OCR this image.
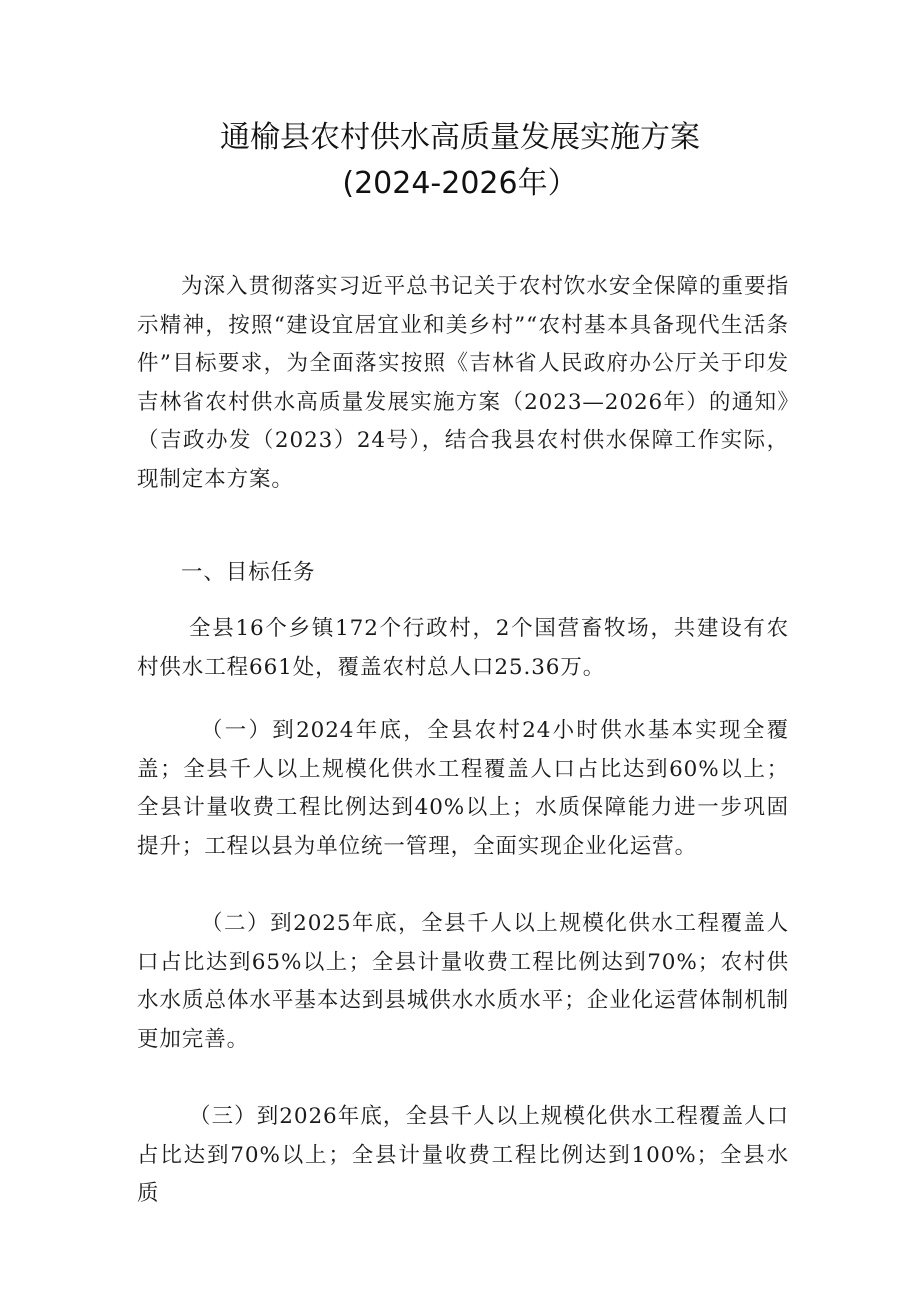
通榆县农村供水高质量发展实施方案
(2024-2026年）

为深入贯彻落实习近平总书记关于农村饮水安全保障的重要指示精神，按照“建设宜居宜业和美乡村”“农村基本具备现代生活条件”目标要求，为全面落实按照《吉林省人民政府办公厅关于印发吉林省农村供水高质量发展实施方案（2023—2026年）的通知》（吉政办发（2023）24号），结合我县农村供水保障工作实际，现制定本方案。

一、目标任务

全县16个乡镇172个行政村，2个国营畜牧场，共建设有农村供水工程661处，覆盖农村总人口25.36万。

（一）到2024年底，全县农村24小时供水基本实现全覆盖；全县千人以上规模化供水工程覆盖人口占比达到60%以上；全县计量收费工程比例达到40%以上；水质保障能力进一步巩固提升；工程以县为单位统一管理，全面实现企业化运营。

（二）到2025年底，全县千人以上规模化供水工程覆盖人口占比达到65%以上；全县计量收费工程比例达到70%；农村供水水质总体水平基本达到县城供水水质水平；企业化运营体制机制更加完善。

（三）到2026年底，全县千人以上规模化供水工程覆盖人口占比达到70%以上；全县计量收费工程比例达到100%；全县水质
